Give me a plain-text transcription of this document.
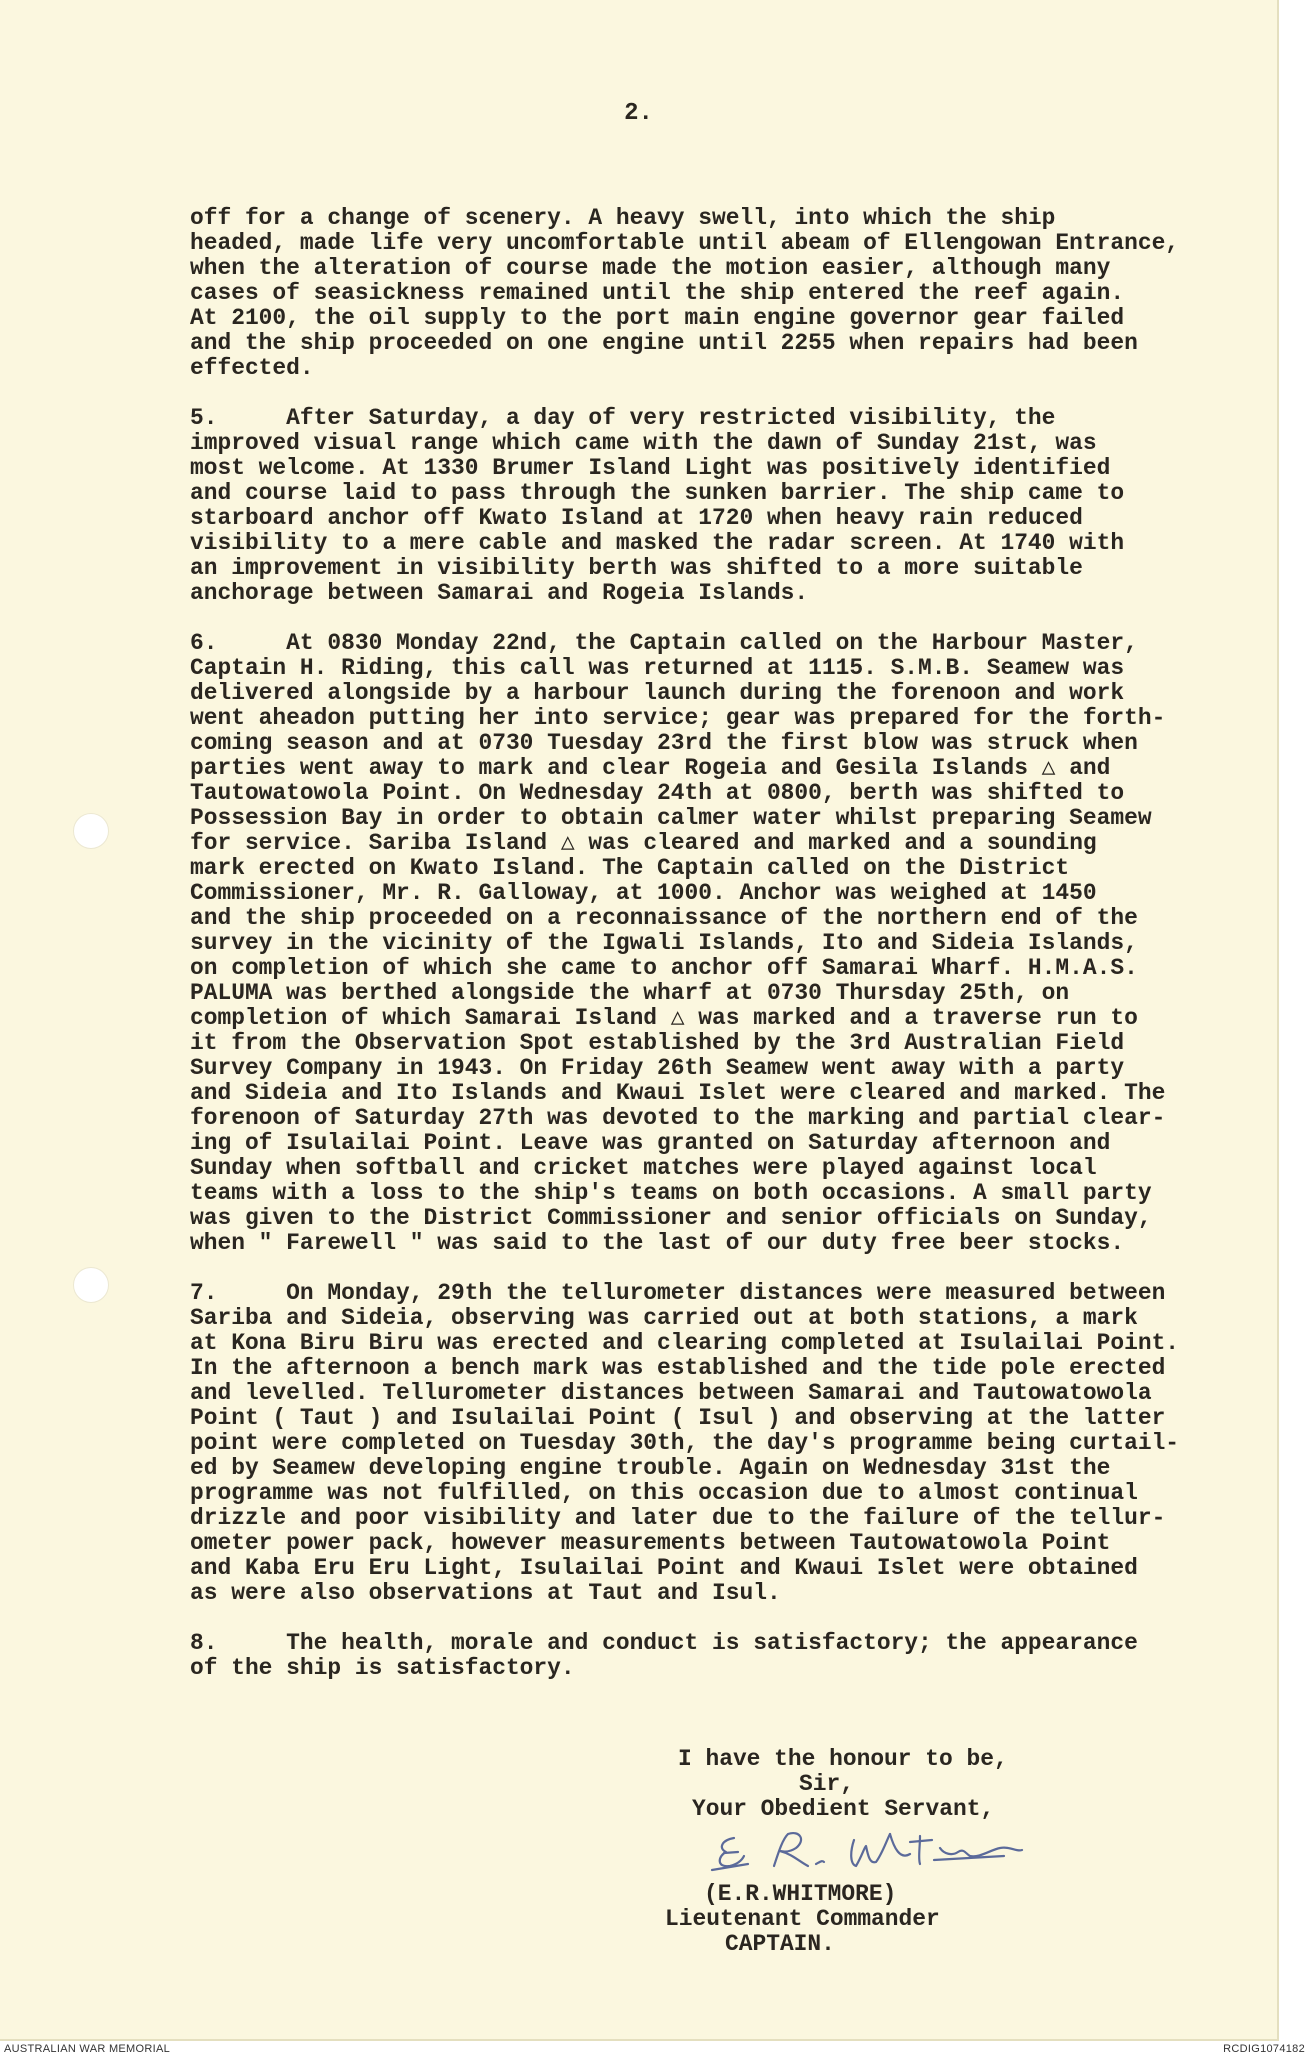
2.
off for a change of scenery. A heavy swell, into which the ship
headed, made life very uncomfortable until abeam of Ellengowan Entrance,
when the alteration of course made the motion easier, although many
cases of seasickness remained until the ship entered the reef again.
At 2100, the oil supply to the port main engine governor gear failed
and the ship proceeded on one engine until 2255 when repairs had been
effected.
5.     After Saturday, a day of very restricted visibility, the
improved visual range which came with the dawn of Sunday 21st, was
most welcome. At 1330 Brumer Island Light was positively identified
and course laid to pass through the sunken barrier. The ship came to
starboard anchor off Kwato Island at 1720 when heavy rain reduced
visibility to a mere cable and masked the radar screen. At 1740 with
an improvement in visibility berth was shifted to a more suitable
anchorage between Samarai and Rogeia Islands.
6.     At 0830 Monday 22nd, the Captain called on the Harbour Master,
Captain H. Riding, this call was returned at 1115. S.M.B. Seamew was
delivered alongside by a harbour launch during the forenoon and work
went aheadon putting her into service; gear was prepared for the forth-
coming season and at 0730 Tuesday 23rd the first blow was struck when
parties went away to mark and clear Rogeia and Gesila Islands △ and
Tautowatowola Point. On Wednesday 24th at 0800, berth was shifted to
Possession Bay in order to obtain calmer water whilst preparing Seamew
for service. Sariba Island △ was cleared and marked and a sounding
mark erected on Kwato Island. The Captain called on the District
Commissioner, Mr. R. Galloway, at 1000. Anchor was weighed at 1450
and the ship proceeded on a reconnaissance of the northern end of the
survey in the vicinity of the Igwali Islands, Ito and Sideia Islands,
on completion of which she came to anchor off Samarai Wharf. H.M.A.S.
PALUMA was berthed alongside the wharf at 0730 Thursday 25th, on
completion of which Samarai Island △ was marked and a traverse run to
it from the Observation Spot established by the 3rd Australian Field
Survey Company in 1943. On Friday 26th Seamew went away with a party
and Sideia and Ito Islands and Kwaui Islet were cleared and marked. The
forenoon of Saturday 27th was devoted to the marking and partial clear-
ing of Isulailai Point. Leave was granted on Saturday afternoon and
Sunday when softball and cricket matches were played against local
teams with a loss to the ship's teams on both occasions. A small party
was given to the District Commissioner and senior officials on Sunday,
when " Farewell " was said to the last of our duty free beer stocks.
7.     On Monday, 29th the tellurometer distances were measured between
Sariba and Sideia, observing was carried out at both stations, a mark
at Kona Biru Biru was erected and clearing completed at Isulailai Point.
In the afternoon a bench mark was established and the tide pole erected
and levelled. Tellurometer distances between Samarai and Tautowatowola
Point ( Taut ) and Isulailai Point ( Isul ) and observing at the latter
point were completed on Tuesday 30th, the day's programme being curtail-
ed by Seamew developing engine trouble. Again on Wednesday 31st the
programme was not fulfilled, on this occasion due to almost continual
drizzle and poor visibility and later due to the failure of the tellur-
ometer power pack, however measurements between Tautowatowola Point
and Kaba Eru Eru Light, Isulailai Point and Kwaui Islet were obtained
as were also observations at Taut and Isul.
8.     The health, morale and conduct is satisfactory; the appearance
of the ship is satisfactory.
I have the honour to be,
Sir,
Your Obedient Servant,
(E.R.WHITMORE)
Lieutenant Commander
CAPTAIN.
AUSTRALIAN WAR MEMORIAL	RCDIG1074182
